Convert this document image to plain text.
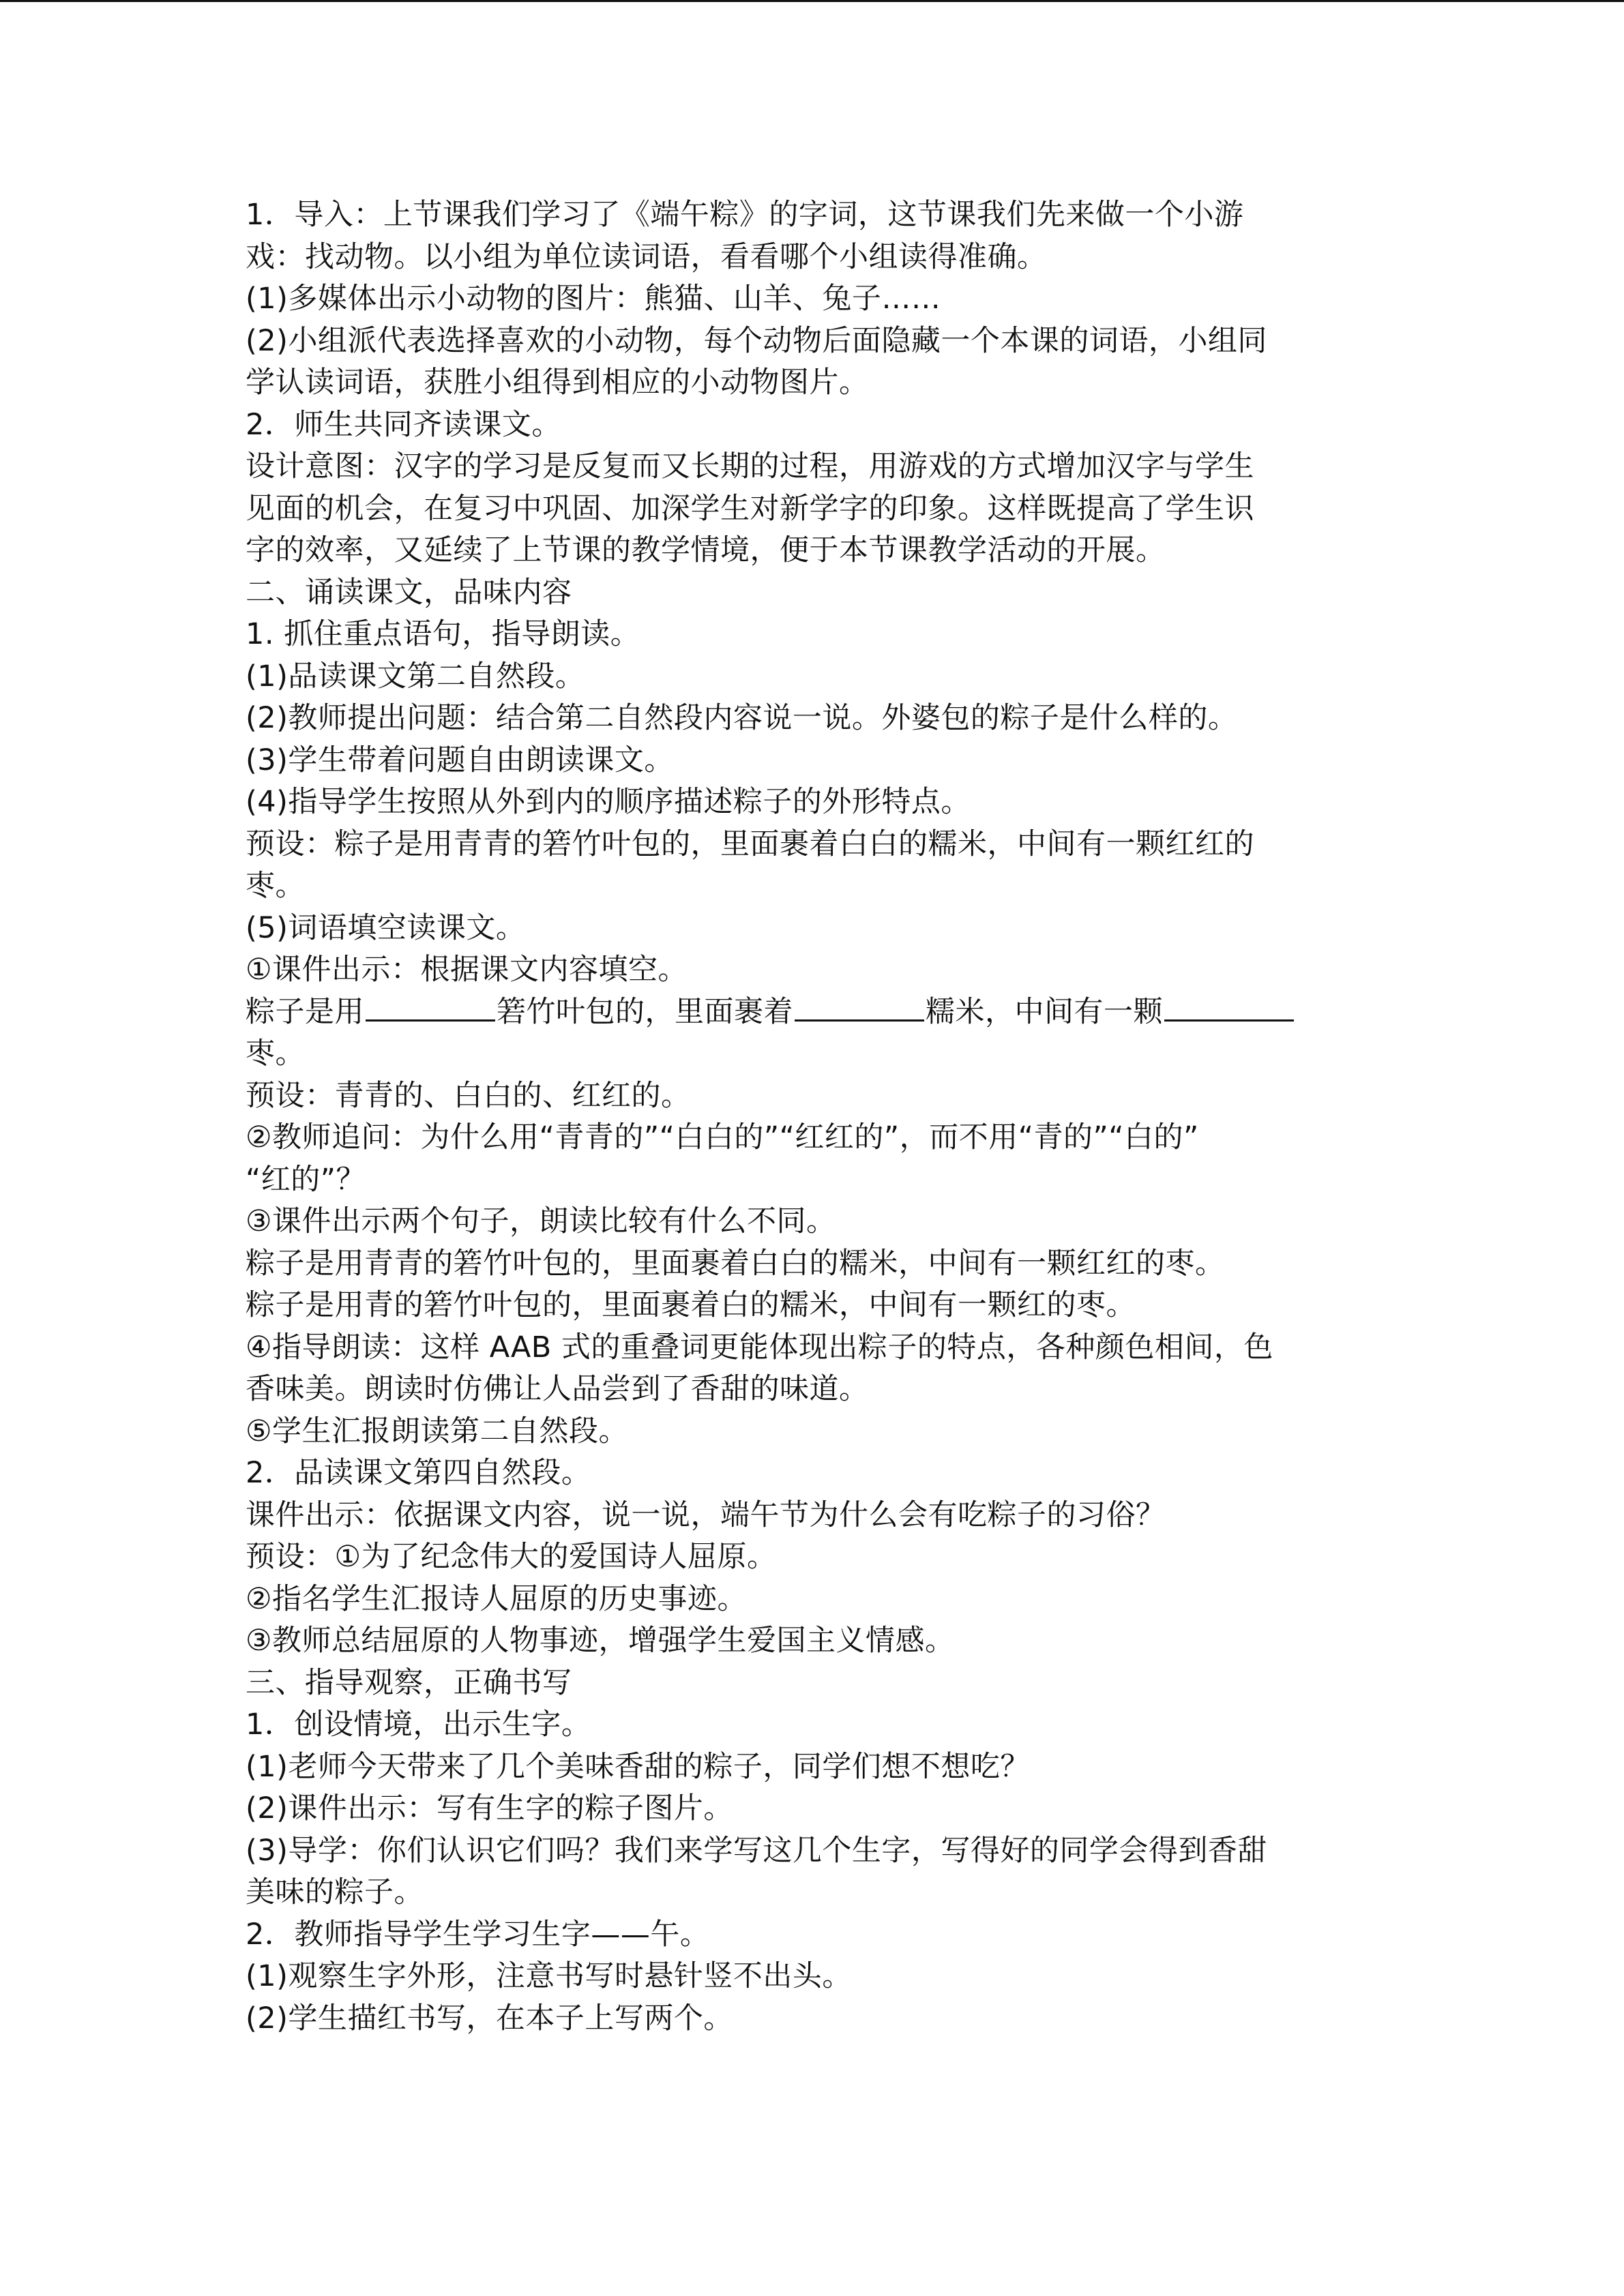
1．导入：上节课我们学习了《端午粽》的字词，这节课我们先来做一个小游
戏：找动物。以小组为单位读词语，看看哪个小组读得准确。
(1)多媒体出示小动物的图片：熊猫、山羊、兔子……
(2)小组派代表选择喜欢的小动物，每个动物后面隐藏一个本课的词语，小组同
学认读词语，获胜小组得到相应的小动物图片。
2．师生共同齐读课文。
设计意图：汉字的学习是反复而又长期的过程，用游戏的方式增加汉字与学生
见面的机会，在复习中巩固、加深学生对新学字的印象。这样既提高了学生识
字的效率，又延续了上节课的教学情境，便于本节课教学活动的开展。
二、诵读课文，品味内容
1. 抓住重点语句，指导朗读。
(1)品读课文第二自然段。
(2)教师提出问题：结合第二自然段内容说一说。外婆包的粽子是什么样的。
(3)学生带着问题自由朗读课文。
(4)指导学生按照从外到内的顺序描述粽子的外形特点。
预设：粽子是用青青的箬竹叶包的，里面裹着白白的糯米，中间有一颗红红的
枣。
(5)词语填空读课文。
①课件出示：根据课文内容填空。
粽子是用	箬竹叶包的，里面裹着	糯米，中间有一颗
枣。
预设：青青的、白白的、红红的。
②教师追问：为什么用“青青的”“白白的”“红红的”，而不用“青的”“白的”
“红的”？
③课件出示两个句子，朗读比较有什么不同。
粽子是用青青的箬竹叶包的，里面裹着白白的糯米，中间有一颗红红的枣。
粽子是用青的箬竹叶包的，里面裹着白的糯米，中间有一颗红的枣。
④指导朗读：这样 AAB 式的重叠词更能体现出粽子的特点，各种颜色相间，色
香味美。朗读时仿佛让人品尝到了香甜的味道。
⑤学生汇报朗读第二自然段。
2．品读课文第四自然段。
课件出示：依据课文内容，说一说，端午节为什么会有吃粽子的习俗？
预设：①为了纪念伟大的爱国诗人屈原。
②指名学生汇报诗人屈原的历史事迹。
③教师总结屈原的人物事迹，增强学生爱国主义情感。
三、指导观察，正确书写
1．创设情境，出示生字。
(1)老师今天带来了几个美味香甜的粽子，同学们想不想吃？
(2)课件出示：写有生字的粽子图片。
(3)导学：你们认识它们吗？我们来学写这几个生字，写得好的同学会得到香甜
美味的粽子。
2．教师指导学生学习生字——午。
(1)观察生字外形，注意书写时悬针竖不出头。
(2)学生描红书写，在本子上写两个。
